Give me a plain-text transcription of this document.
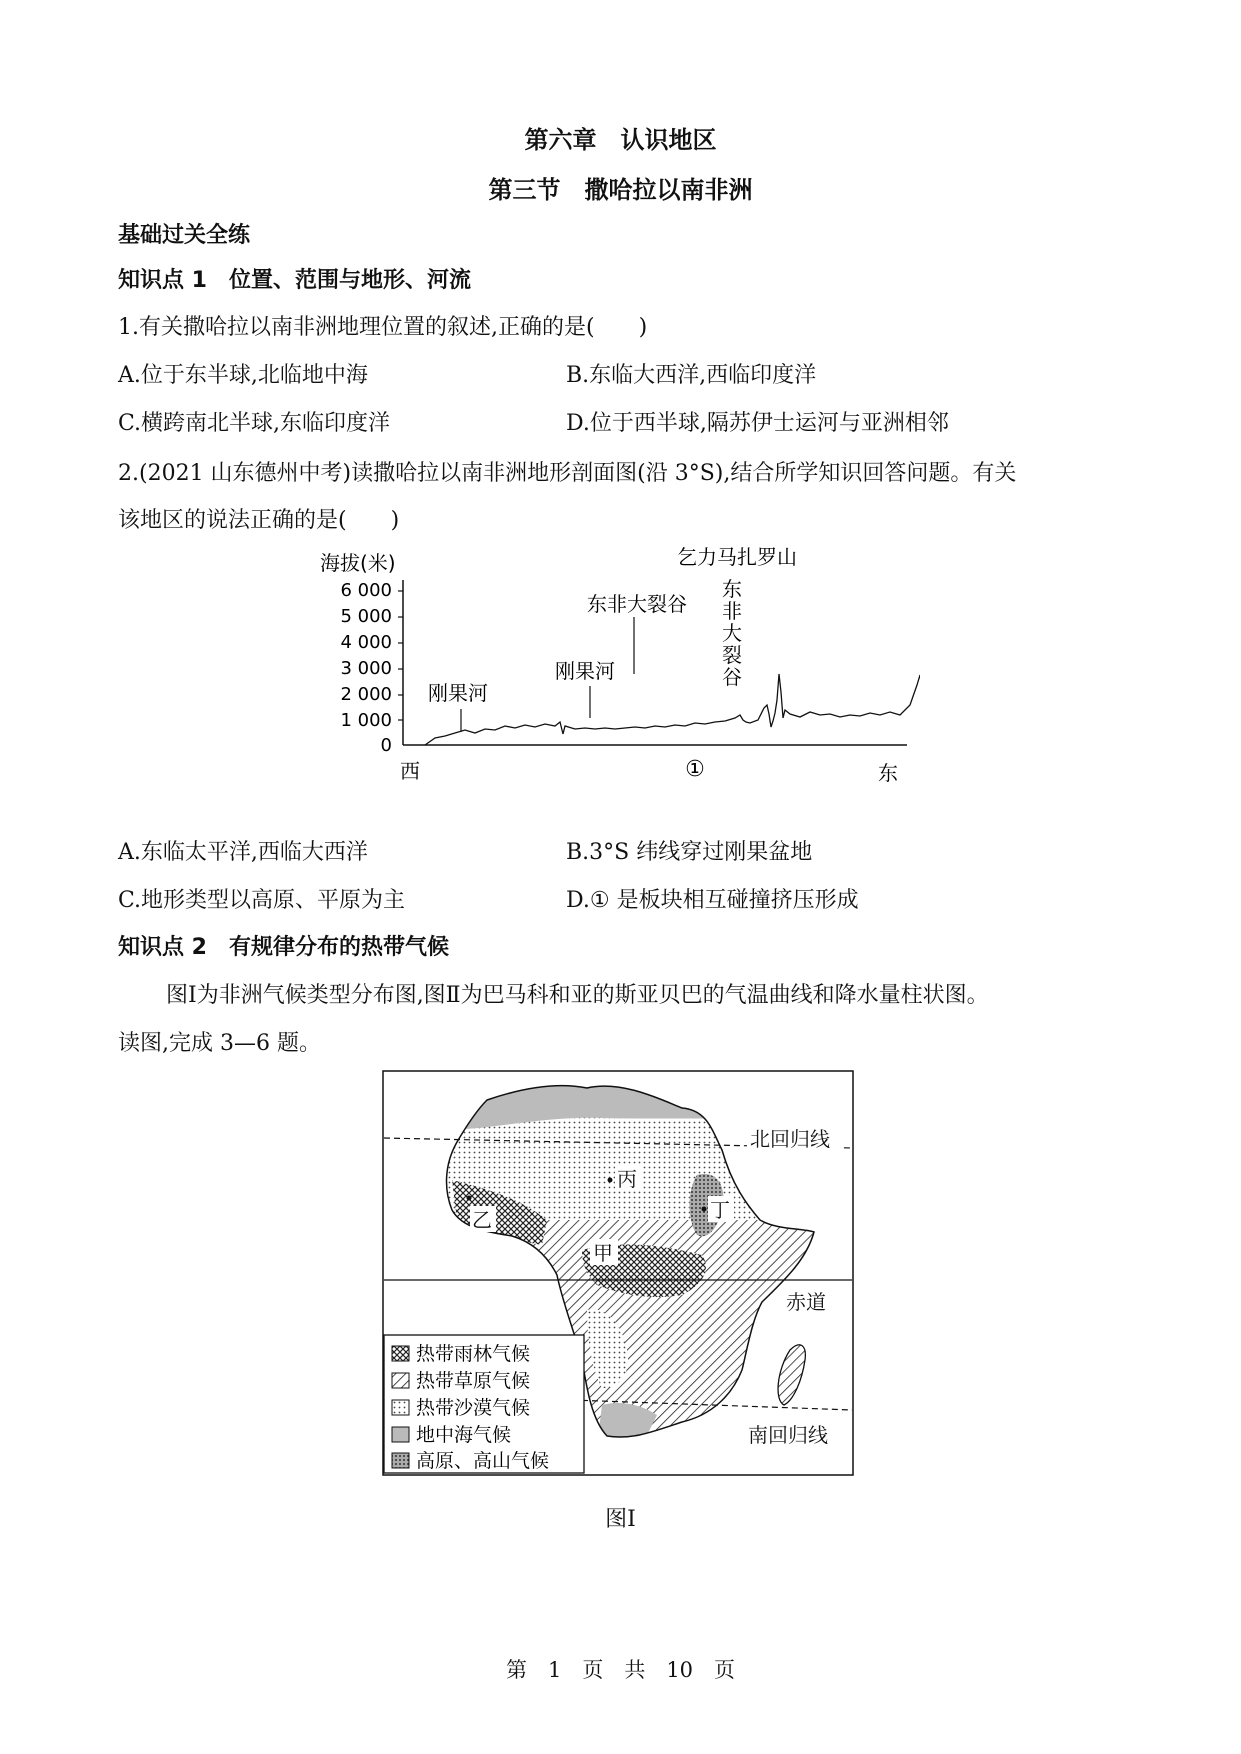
第六章　认识地区
第三节　撒哈拉以南非洲
基础过关全练
知识点 1　位置、范围与地形、河流
1.有关撒哈拉以南非洲地理位置的叙述,正确的是(　　)
A.位于东半球,北临地中海	B.东临大西洋,西临印度洋
C.横跨南北半球,东临印度洋	D.位于西半球,隔苏伊士运河与亚洲相邻
2.(2021 山东德州中考)读撒哈拉以南非洲地形剖面图(沿 3°S),结合所学知识回答问题。有关
该地区的说法正确的是(　　)
海拔(米)
6 000
5 000
4 000
3 000
2 000
1 000
0
刚果河
刚果河
东非大裂谷
乞力马扎罗山
东
非
大
裂
谷
西	①	东
A.东临太平洋,西临大西洋	B.3°S 纬线穿过刚果盆地
C.地形类型以高原、平原为主	D.① 是板块相互碰撞挤压形成
知识点 2　有规律分布的热带气候
图Ⅰ为非洲气候类型分布图,图Ⅱ为巴马科和亚的斯亚贝巴的气温曲线和降水量柱状图。
读图,完成 3—6 题。
北回归线
赤道
南回归线
丙
乙
甲
丁
热带雨林气候
热带草原气候
热带沙漠气候
地中海气候
高原、高山气候
图Ⅰ
第　1　页　共　10　页
